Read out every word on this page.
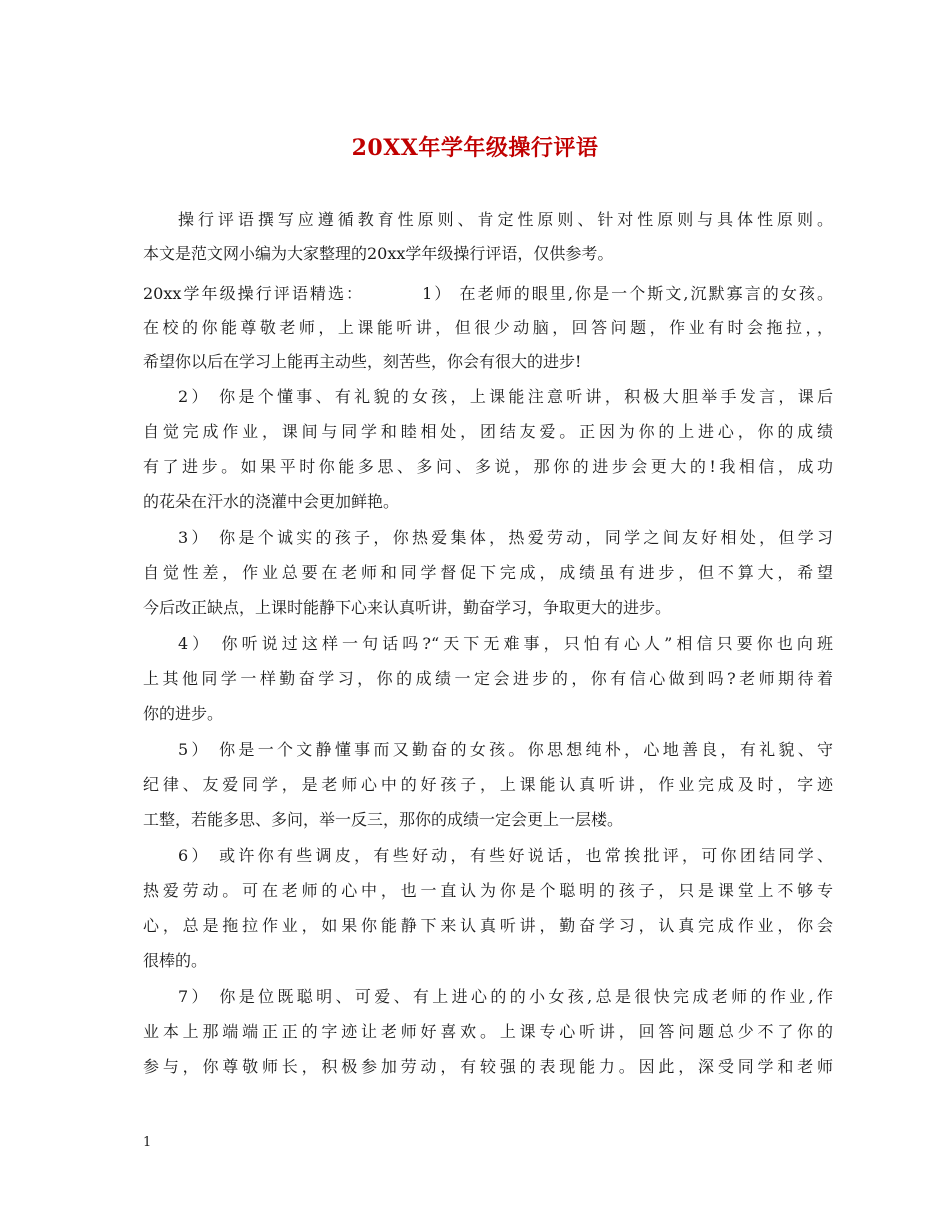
20XX年学年级操行评语

操行评语撰写应遵循教育性原则、肯定性原则、针对性原则与具体性原则。

本文是范文网小编为大家整理的20xx学年级操行评语，仅供参考。

20xx学年级操行评语精选：	1） 在老师的眼里,你是一个斯文,沉默寡言的女孩。

在校的你能尊敬老师，上课能听讲，但很少动脑，回答问题，作业有时会拖拉，，

希望你以后在学习上能再主动些，刻苦些，你会有很大的进步!

2） 你是个懂事、有礼貌的女孩，上课能注意听讲，积极大胆举手发言，课后

自觉完成作业，课间与同学和睦相处，团结友爱。正因为你的上进心，你的成绩

有了进步。如果平时你能多思、多问、多说，那你的进步会更大的!我相信，成功

的花朵在汗水的浇灌中会更加鲜艳。

3） 你是个诚实的孩子，你热爱集体，热爱劳动，同学之间友好相处，但学习

自觉性差，作业总要在老师和同学督促下完成，成绩虽有进步，但不算大，希望

今后改正缺点，上课时能静下心来认真听讲，勤奋学习，争取更大的进步。

4） 你听说过这样一句话吗?“天下无难事，只怕有心人”相信只要你也向班

上其他同学一样勤奋学习，你的成绩一定会进步的，你有信心做到吗?老师期待着

你的进步。

5） 你是一个文静懂事而又勤奋的女孩。你思想纯朴，心地善良，有礼貌、守

纪律、友爱同学，是老师心中的好孩子，上课能认真听讲，作业完成及时，字迹

工整，若能多思、多问，举一反三，那你的成绩一定会更上一层楼。

6） 或许你有些调皮，有些好动，有些好说话，也常挨批评，可你团结同学、

热爱劳动。可在老师的心中，也一直认为你是个聪明的孩子，只是课堂上不够专

心，总是拖拉作业，如果你能静下来认真听讲，勤奋学习，认真完成作业，你会

很棒的。

7） 你是位既聪明、可爱、有上进心的的小女孩,总是很快完成老师的作业,作

业本上那端端正正的字迹让老师好喜欢。上课专心听讲，回答问题总少不了你的

参与，你尊敬师长，积极参加劳动，有较强的表现能力。因此，深受同学和老师

1
